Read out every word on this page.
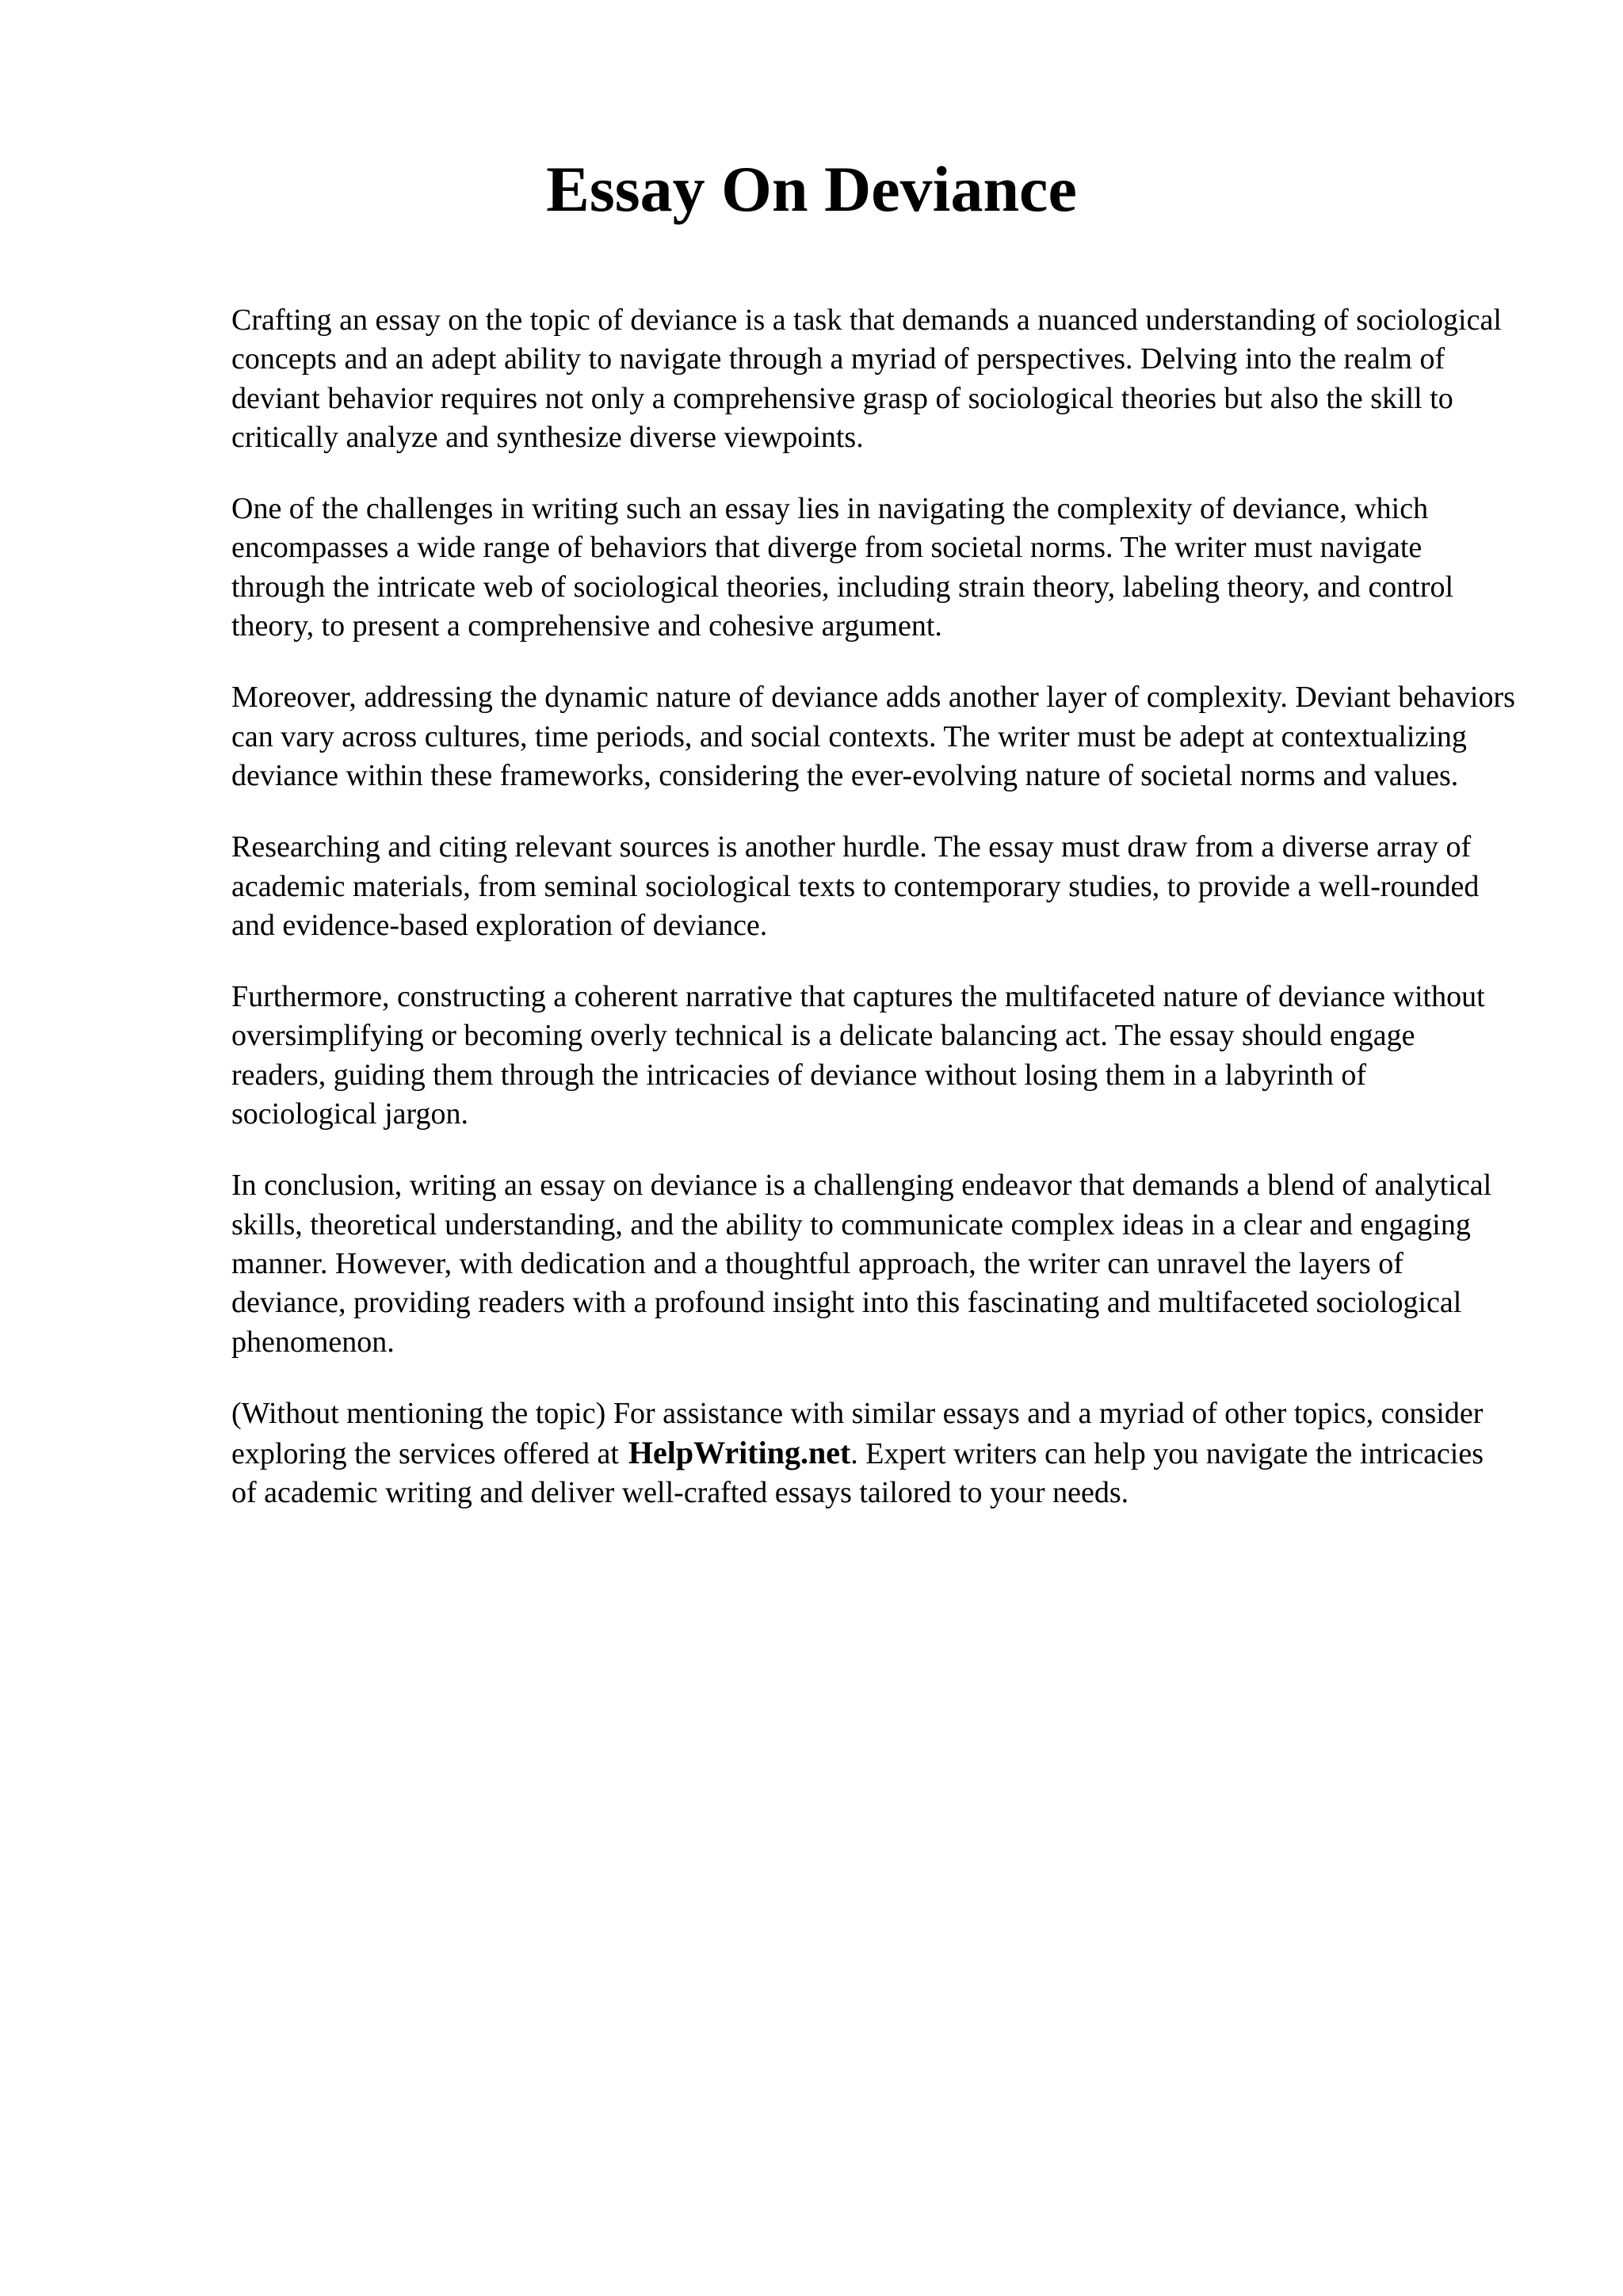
Essay On Deviance

Crafting an essay on the topic of deviance is a task that demands a nuanced understanding of sociological concepts and an adept ability to navigate through a myriad of perspectives. Delving into the realm of deviant behavior requires not only a comprehensive grasp of sociological theories but also the skill to critically analyze and synthesize diverse viewpoints.

One of the challenges in writing such an essay lies in navigating the complexity of deviance, which encompasses a wide range of behaviors that diverge from societal norms. The writer must navigate through the intricate web of sociological theories, including strain theory, labeling theory, and control theory, to present a comprehensive and cohesive argument.

Moreover, addressing the dynamic nature of deviance adds another layer of complexity. Deviant behaviors can vary across cultures, time periods, and social contexts. The writer must be adept at contextualizing deviance within these frameworks, considering the ever-evolving nature of societal norms and values.

Researching and citing relevant sources is another hurdle. The essay must draw from a diverse array of academic materials, from seminal sociological texts to contemporary studies, to provide a well-rounded and evidence-based exploration of deviance.

Furthermore, constructing a coherent narrative that captures the multifaceted nature of deviance without oversimplifying or becoming overly technical is a delicate balancing act. The essay should engage readers, guiding them through the intricacies of deviance without losing them in a labyrinth of sociological jargon.

In conclusion, writing an essay on deviance is a challenging endeavor that demands a blend of analytical skills, theoretical understanding, and the ability to communicate complex ideas in a clear and engaging manner. However, with dedication and a thoughtful approach, the writer can unravel the layers of deviance, providing readers with a profound insight into this fascinating and multifaceted sociological phenomenon.

(Without mentioning the topic) For assistance with similar essays and a myriad of other topics, consider exploring the services offered at HelpWriting.net. Expert writers can help you navigate the intricacies of academic writing and deliver well-crafted essays tailored to your needs.
